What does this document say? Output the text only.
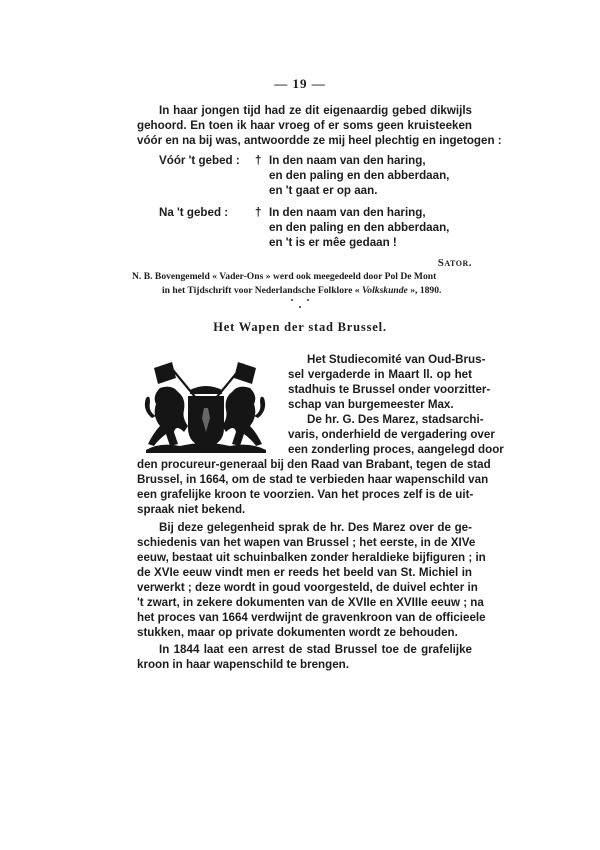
— 19 —
In haar jongen tijd had ze dit eigenaardig gebed dikwijls
gehoord. En toen ik haar vroeg of er soms geen kruisteeken
vóór en na bij was, antwoordde ze mij heel plechtig en ingetogen :
Vóór 't gebed : † In den naam van den haring,
en den paling en den abberdaan,
en 't gaat er op aan.
Na 't gebed : † In den naam van den haring,
en den paling en den abberdaan,
en 't is er mêe gedaan !
Sator.
N. B. Bovengemeld « Vader-Ons » werd ook meegedeeld door Pol De Mont
in het Tijdschrift voor Nederlandsche Folklore « Volkskunde », 1890.
Het Wapen der stad Brussel.
Het Studiecomité van Oud-Brus-
sel vergaderde in Maart ll. op het
stadhuis te Brussel onder voorzitter-
schap van burgemeester Max.
De hr. G. Des Marez, stadsarchi-
varis, onderhield de vergadering over
een zonderling proces, aangelegd door
den procureur-generaal bij den Raad van Brabant, tegen de stad
Brussel, in 1664, om de stad te verbieden haar wapenschild van
een grafelijke kroon te voorzien. Van het proces zelf is de uit-
spraak niet bekend.
Bij deze gelegenheid sprak de hr. Des Marez over de ge-
schiedenis van het wapen van Brussel ; het eerste, in de XIVe
eeuw, bestaat uit schuinbalken zonder heraldieke bijfiguren ; in
de XVIe eeuw vindt men er reeds het beeld van St. Michiel in
verwerkt ; deze wordt in goud voorgesteld, de duivel echter in
't zwart, in zekere dokumenten van de XVIIe en XVIIIe eeuw ; na
het proces van 1664 verdwijnt de gravenkroon van de officieele
stukken, maar op private dokumenten wordt ze behouden.
In 1844 laat een arrest de stad Brussel toe de grafelijke
kroon in haar wapenschild te brengen.
